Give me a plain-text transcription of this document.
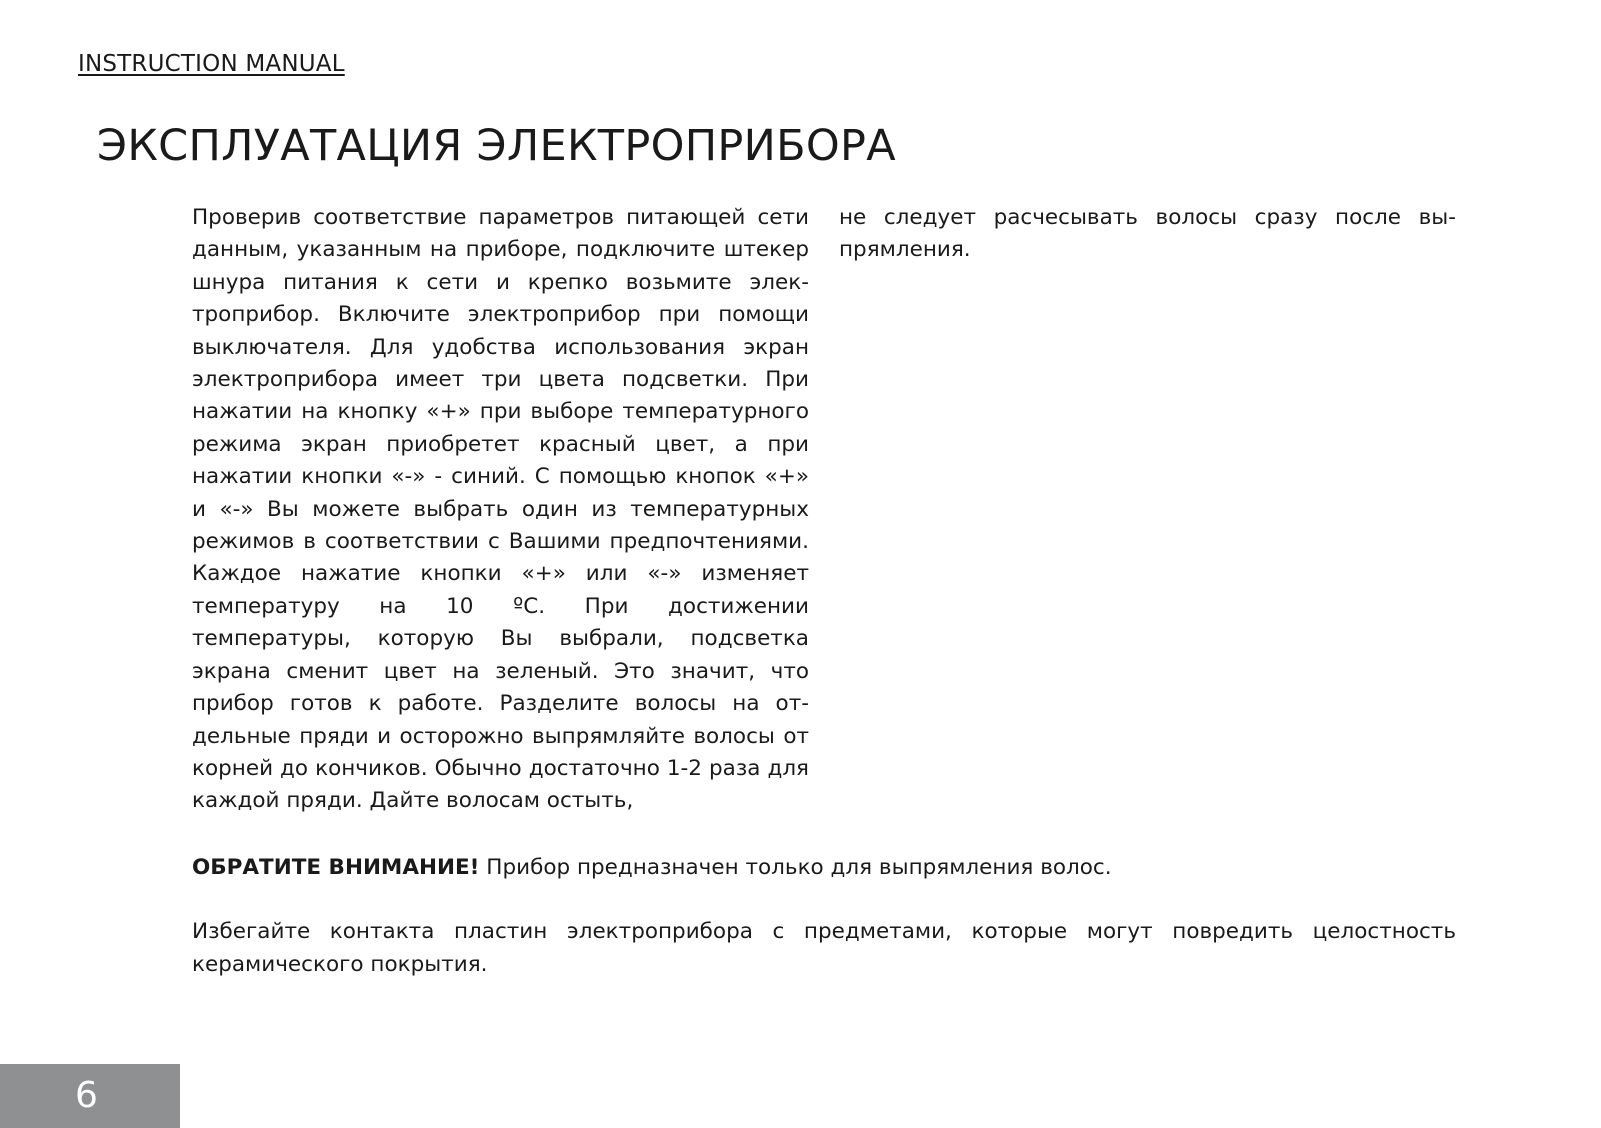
INSTRUCTION MANUAL
ЭКСПЛУАТАЦИЯ ЭЛЕКТРОПРИБОРА

Проверив соответствие параметров питающей сети данным, указанным на приборе, подключите штекер шнура питания к сети и крепко возьмите электроприбор. Включите электроприбор при помощи выключателя. Для удобства использования экран электроприбора имеет три цвета подсветки. При нажатии на кнопку «+» при выборе температурного режима экран приобретет красный цвет, а при нажатии кнопки «-» - синий. С помощью кнопок «+» и «-» Вы можете выбрать один из температурных режимов в соответствии с Вашими предпочтениями. Каждое нажатие кнопки «+» или «-» изменяет температуру на 10 ºС. При достижении температуры, которую Вы выбрали, подсветка экрана сменит цвет на зеленый. Это значит, что прибор готов к работе. Разделите волосы на отдельные пряди и осторожно выпрямляйте волосы от корней до кончиков. Обычно достаточно 1-2 раза для каждой пряди. Дайте волосам остыть,

не следует расчесывать волосы сразу после выпрямления.

ОБРАТИТЕ ВНИМАНИЕ! Прибор предназначен только для выпрямления волос.

Избегайте контакта пластин электроприбора с предметами, которые могут повредить целостность керамического покрытия.

6
